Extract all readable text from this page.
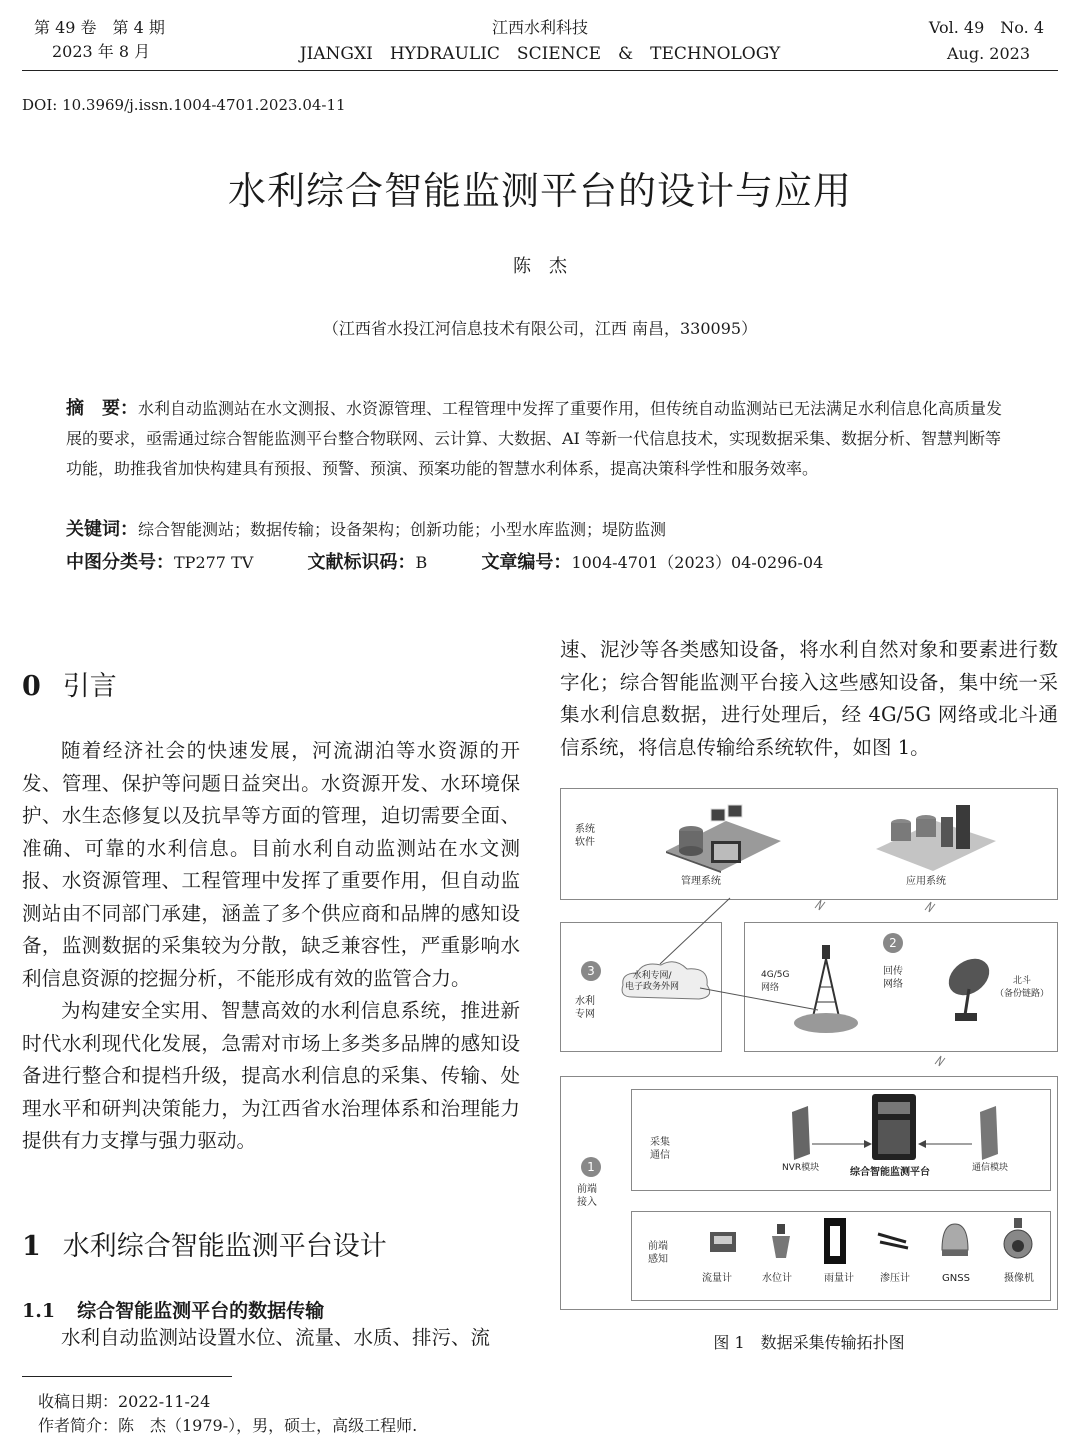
第 49 卷　第 4 期
2023 年 8 月
江西水利科技
JIANGXI　HYDRAULIC　SCIENCE　&　TECHNOLOGY
Vol. 49　No. 4
Aug. 2023
DOI: 10.3969/j.issn.1004-4701.2023.04-11
水利综合智能监测平台的设计与应用
陈　杰
（江西省水投江河信息技术有限公司，江西 南昌，330095）
摘　要：水利自动监测站在水文测报、水资源管理、工程管理中发挥了重要作用，但传统自动监测站已无法满足水利信息化高质量发展的要求，亟需通过综合智能监测平台整合物联网、云计算、大数据、AI 等新一代信息技术，实现数据采集、数据分析、智慧判断等功能，助推我省加快构建具有预报、预警、预演、预案功能的智慧水利体系，提高决策科学性和服务效率。
关键词：综合智能测站；数据传输；设备架构；创新功能；小型水库监测；堤防监测
中图分类号：TP277 TV	文献标识码：B	文章编号：1004-4701（2023）04-0296-04
0 引言

随着经济社会的快速发展，河流湖泊等水资源的开发、管理、保护等问题日益突出。水资源开发、水环境保护、水生态修复以及抗旱等方面的管理，迫切需要全面、准确、可靠的水利信息。目前水利自动监测站在水文测报、水资源管理、工程管理中发挥了重要作用，但自动监测站由不同部门承建，涵盖了多个供应商和品牌的感知设备，监测数据的采集较为分散，缺乏兼容性，严重影响水利信息资源的挖掘分析，不能形成有效的监管合力。

为构建安全实用、智慧高效的水利信息系统，推进新时代水利现代化发展，急需对市场上多类多品牌的感知设备进行整合和提档升级，提高水利信息的采集、传输、处理水平和研判决策能力，为江西省水治理体系和治理能力提供有力支撑与强力驱动。

1 水利综合智能监测平台设计
1.1 综合智能监测平台的数据传输

水利自动监测站设置水位、流量、水质、排污、流

收稿日期：2022-11-24
作者简介：陈　杰（1979-），男，硕士，高级工程师.

速、泥沙等各类感知设备，将水利自然对象和要素进行数字化；综合智能监测平台接入这些感知设备，集中统一采集水利信息数据，进行处理后，经 4G/5G 网络或北斗通信系统，将信息传输给系统软件，如图 1。

系统
软件
管理系统	应用系统
3
水利
专网
水利专网/
电子政务外网
4G/5G
网络
2
回传
网络	北斗
（备份链路）
1
前端
接入
采集
通信
NVR模块	综合智能监测平台	通信模块
前端
感知
流量计	水位计	雨量计	渗压计	GNSS	摄像机
图 1　数据采集传输拓扑图
